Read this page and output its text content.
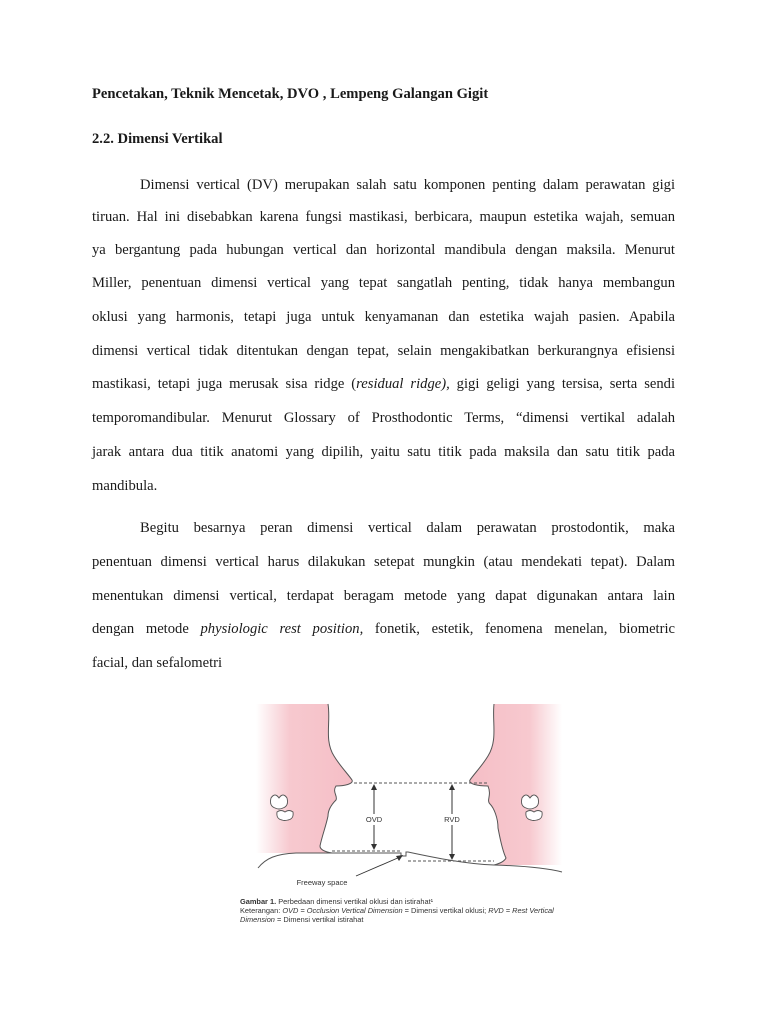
Pencetakan, Teknik Mencetak, DVO , Lempeng Galangan Gigit

2.2. Dimensi Vertikal

Dimensi vertical (DV) merupakan salah satu komponen penting dalam perawatan gigi

tiruan. Hal ini disebabkan karena fungsi mastikasi, berbicara, maupun estetika wajah, semuan

ya bergantung pada hubungan vertical dan horizontal mandibula dengan maksila. Menurut

Miller, penentuan dimensi vertical yang tepat sangatlah penting, tidak hanya membangun

oklusi yang harmonis, tetapi juga untuk kenyamanan dan estetika wajah pasien. Apabila

dimensi vertical tidak ditentukan dengan tepat, selain mengakibatkan berkurangnya efisiensi

mastikasi, tetapi juga merusak sisa ridge (residual ridge), gigi geligi yang tersisa, serta sendi

temporomandibular. Menurut Glossary of Prosthodontic Terms, “dimensi vertikal adalah

jarak antara dua titik anatomi yang dipilih, yaitu satu titik pada maksila dan satu titik pada

mandibula.

Begitu besarnya peran dimensi vertical dalam perawatan prostodontik, maka

penentuan dimensi vertical harus dilakukan setepat mungkin (atau mendekati tepat). Dalam

menentukan dimensi vertical, terdapat beragam metode yang dapat digunakan antara lain

dengan metode physiologic rest position, fonetik, estetik, fenomena menelan, biometric

facial, dan sefalometri

OVD	RVD
Freeway space

Gambar 1. Perbedaan dimensi vertikal oklusi dan istirahat¹

Keterangan: OVD = Occlusion Vertical Dimension = Dimensi vertikal oklusi; RVD = Rest Vertical

Dimension = Dimensi vertikal istirahat
